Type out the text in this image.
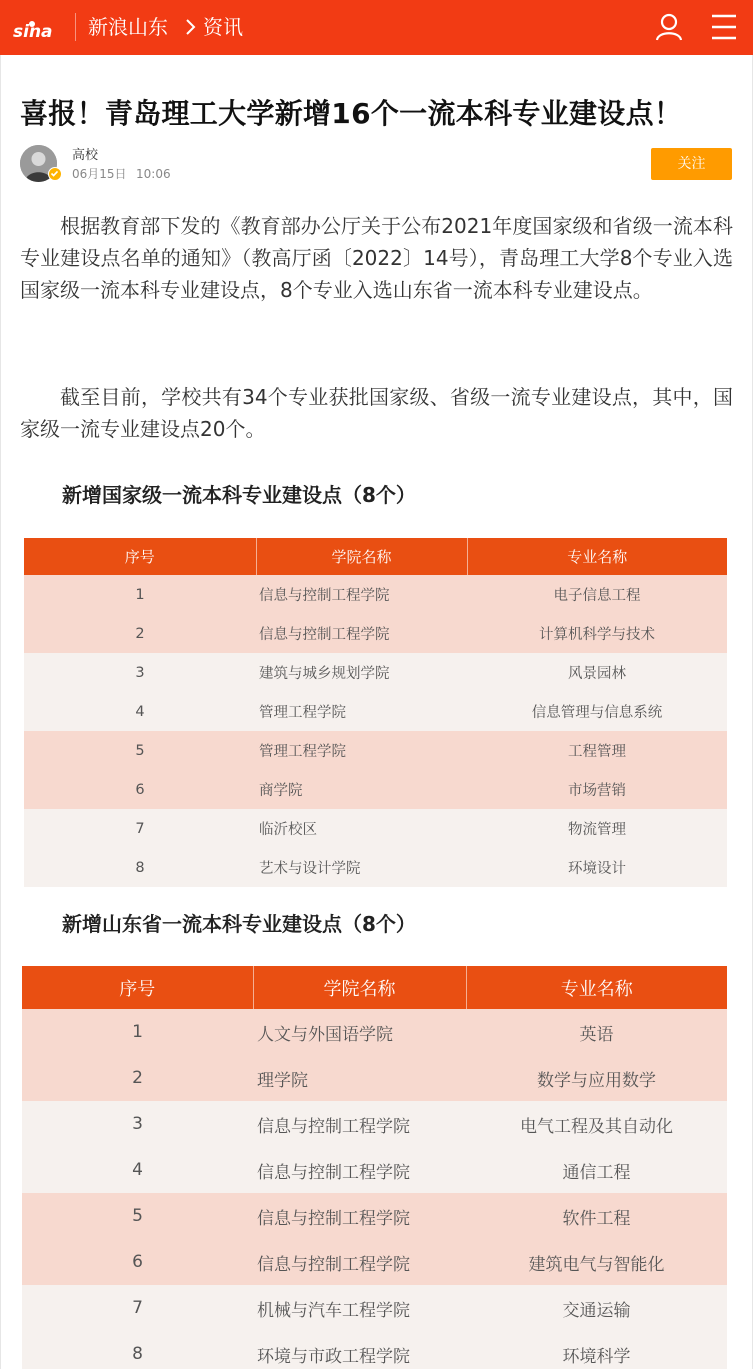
sina 新浪山东 资讯
喜报！青岛理工大学新增16个一流本科专业建设点！
高校
06月15日 10:06
关注

根据教育部下发的《教育部办公厅关于公布2021年度国家级和省级一流本科专业建设点名单的通知》（教高厅函〔2022〕14号），青岛理工大学8个专业入选国家级一流本科专业建设点，8个专业入选山东省一流本科专业建设点。

截至目前，学校共有34个专业获批国家级、省级一流专业建设点，其中，国家级一流专业建设点20个。

新增国家级一流本科专业建设点（8个）
序号	学院名称	专业名称
1	信息与控制工程学院	电子信息工程
2	信息与控制工程学院	计算机科学与技术
3	建筑与城乡规划学院	风景园林
4	管理工程学院	信息管理与信息系统
5	管理工程学院	工程管理
6	商学院	市场营销
7	临沂校区	物流管理
8	艺术与设计学院	环境设计
新增山东省一流本科专业建设点（8个）
序号	学院名称	专业名称
1	人文与外国语学院	英语
2	理学院	数学与应用数学
3	信息与控制工程学院	电气工程及其自动化
4	信息与控制工程学院	通信工程
5	信息与控制工程学院	软件工程
6	信息与控制工程学院	建筑电气与智能化
7	机械与汽车工程学院	交通运输
8	环境与市政工程学院	环境科学
